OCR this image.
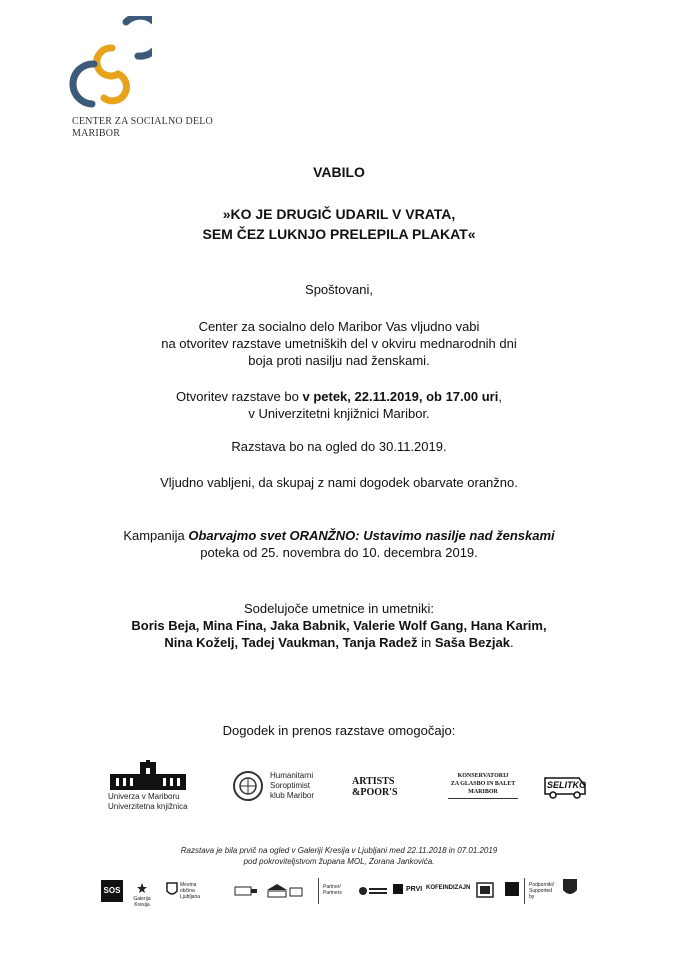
CENTER ZA SOCIALNO DELO
MARIBOR
VABILO
»KO JE DRUGIČ UDARIL V VRATA,
SEM ČEZ LUKNJO PRELEPILA PLAKAT«
Spoštovani,
Center za socialno delo Maribor Vas vljudno vabi
na otvoritev razstave umetniških del v okviru mednarodnih dni
boja proti nasilju nad ženskami.
Otvoritev razstave bo v petek, 22.11.2019, ob 17.00 uri,
v Univerzitetni knjižnici Maribor.
Razstava bo na ogled do 30.11.2019.
Vljudno vabljeni, da skupaj z nami dogodek obarvate oranžno.
Kampanija Obarvajmo svet ORANŽNO: Ustavimo nasilje nad ženskami
poteka od 25. novembra do 10. decembra 2019.
Sodelujoče umetnice in umetniki:
Boris Beja, Mina Fina, Jaka Babnik, Valerie Wolf Gang, Hana Karim,
Nina Koželj, Tadej Vaukman, Tanja Radež in Saša Bezjak.
Dogodek in prenos razstave omogočajo:
Univerza v Mariboru
Univerzitetna knjižnica
Humanitarni
Soroptimist
klub Maribor
ARTISTS
&POOR'S
KONSERVATORIJ
ZA GLASBO IN BALET
MARIBOR
SELITKO
Razstava je bila prvič na ogled v Galeriji Kresija v Ljubljani med 22.11.2018 in 07.01.2019
pod pokroviteljstvom župana MOL, Zorana Jankovića.
SOS
Galerija Kresija
Mestna občina Ljubljana
Partner/ Partners
PRVI KOFEINDIZAJN	Podporniki/ Supported by
